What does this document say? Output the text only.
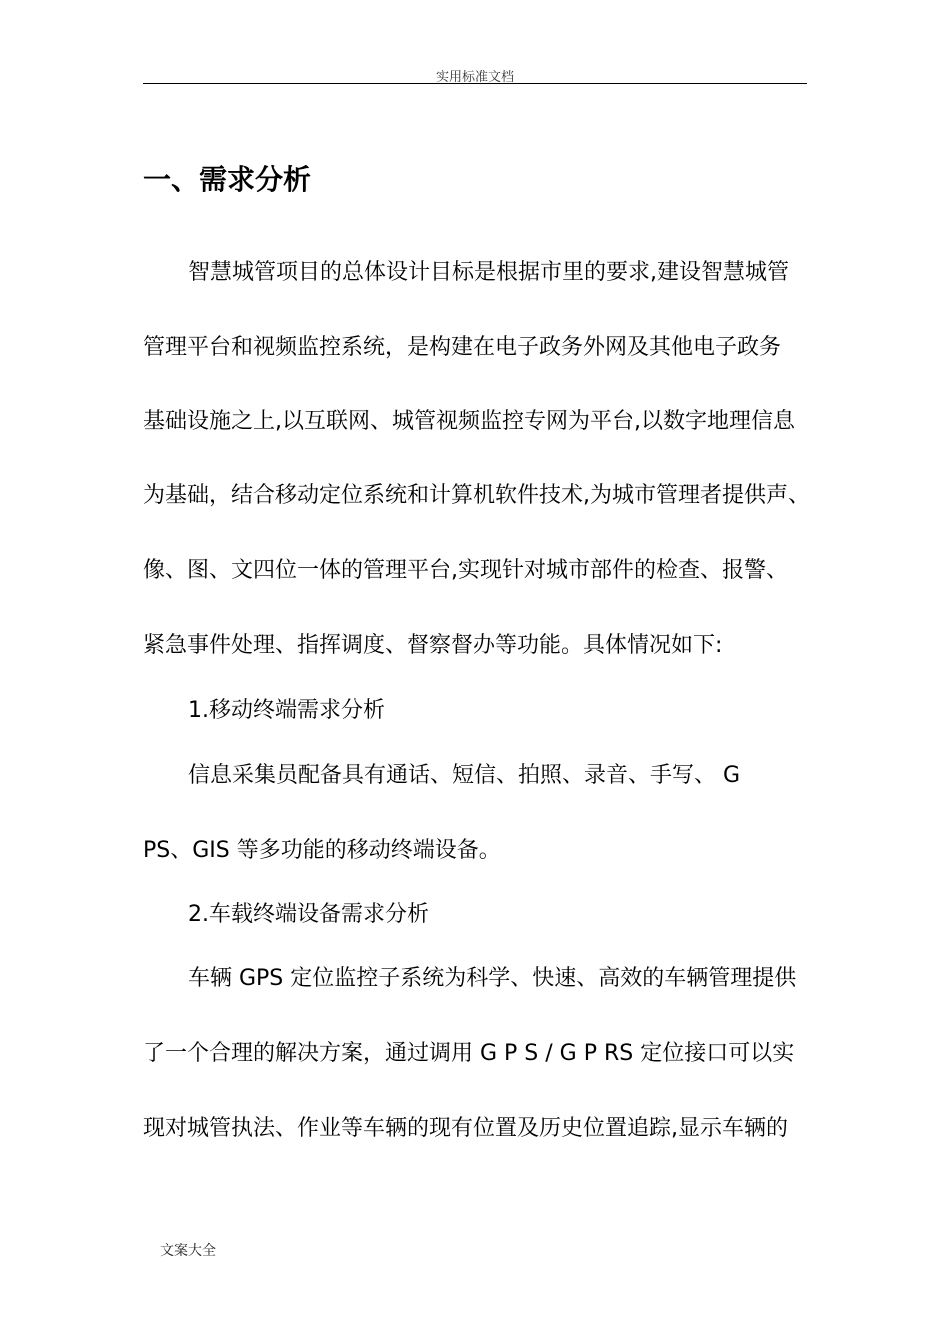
实用标准文档
一、需求分析
智慧城管项目的总体设计目标是根据市里的要求,建设智慧城管
管理平台和视频监控系统，是构建在电子政务外网及其他电子政务
基础设施之上,以互联网、城管视频监控专网为平台,以数字地理信息
为基础，结合移动定位系统和计算机软件技术,为城市管理者提供声、
像、图、文四位一体的管理平台,实现针对城市部件的检查、报警、
紧急事件处理、指挥调度、督察督办等功能。具体情况如下:
1.移动终端需求分析
信息采集员配备具有通话、短信、拍照、录音、手写、 G
PS、GIS 等多功能的移动终端设备。
2.车载终端设备需求分析
车辆 GPS 定位监控子系统为科学、快速、高效的车辆管理提供
了一个合理的解决方案，通过调用 G P S / G P RS 定位接口可以实
现对城管执法、作业等车辆的现有位置及历史位置追踪,显示车辆的
文案大全
